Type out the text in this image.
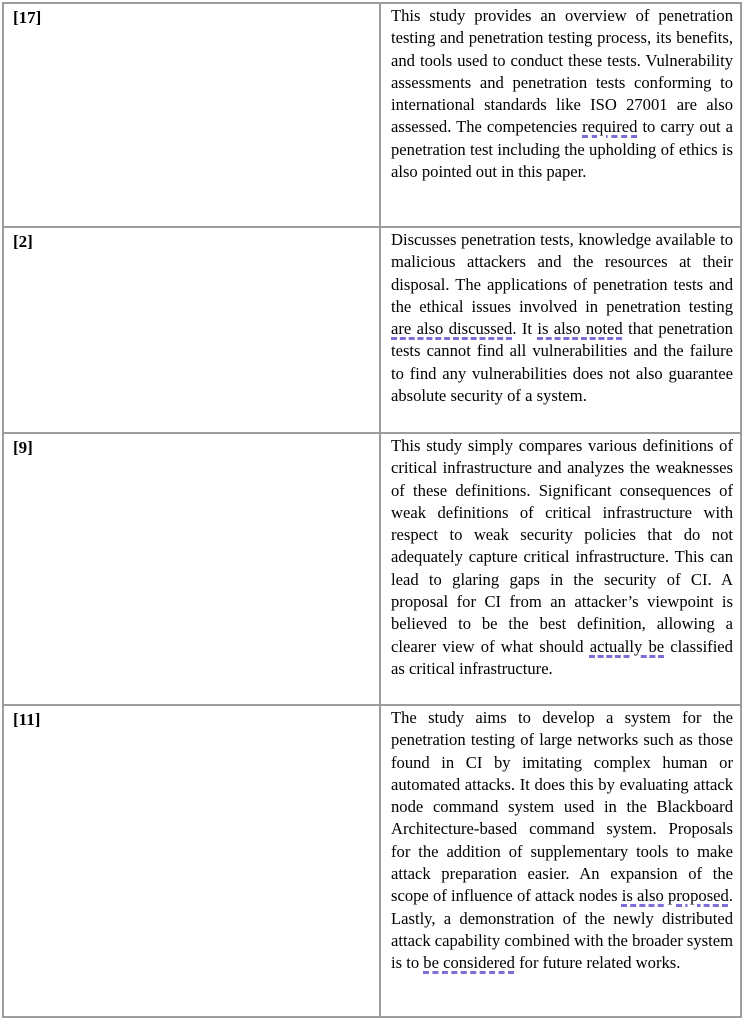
[17]	This study provides an overview of penetration testing and penetration testing process, its benefits, and tools used to conduct these tests. Vulnerability assessments and penetration tests conforming to international standards like ISO 27001 are also assessed. The competencies required to carry out a penetration test including the upholding of ethics is also pointed out in this paper.
[2]	Discusses penetration tests, knowledge available to malicious attackers and the resources at their disposal. The applications of penetration tests and the ethical issues involved in penetration testing are also discussed. It is also noted that penetration tests cannot find all vulnerabilities and the failure to find any vulnerabilities does not also guarantee absolute security of a system.
[9]	This study simply compares various definitions of critical infrastructure and analyzes the weaknesses of these definitions. Significant consequences of weak definitions of critical infrastructure with respect to weak security policies that do not adequately capture critical infrastructure. This can lead to glaring gaps in the security of CI. A proposal for CI from an attacker’s viewpoint is believed to be the best definition, allowing a clearer view of what should actually be classified as critical infrastructure.
[11]	The study aims to develop a system for the penetration testing of large networks such as those found in CI by imitating complex human or automated attacks. It does this by evaluating attack node command system used in the Blackboard Architecture-based command system. Proposals for the addition of supplementary tools to make attack preparation easier. An expansion of the scope of influence of attack nodes is also proposed. Lastly, a demonstration of the newly distributed attack capability combined with the broader system is to be considered for future related works.
